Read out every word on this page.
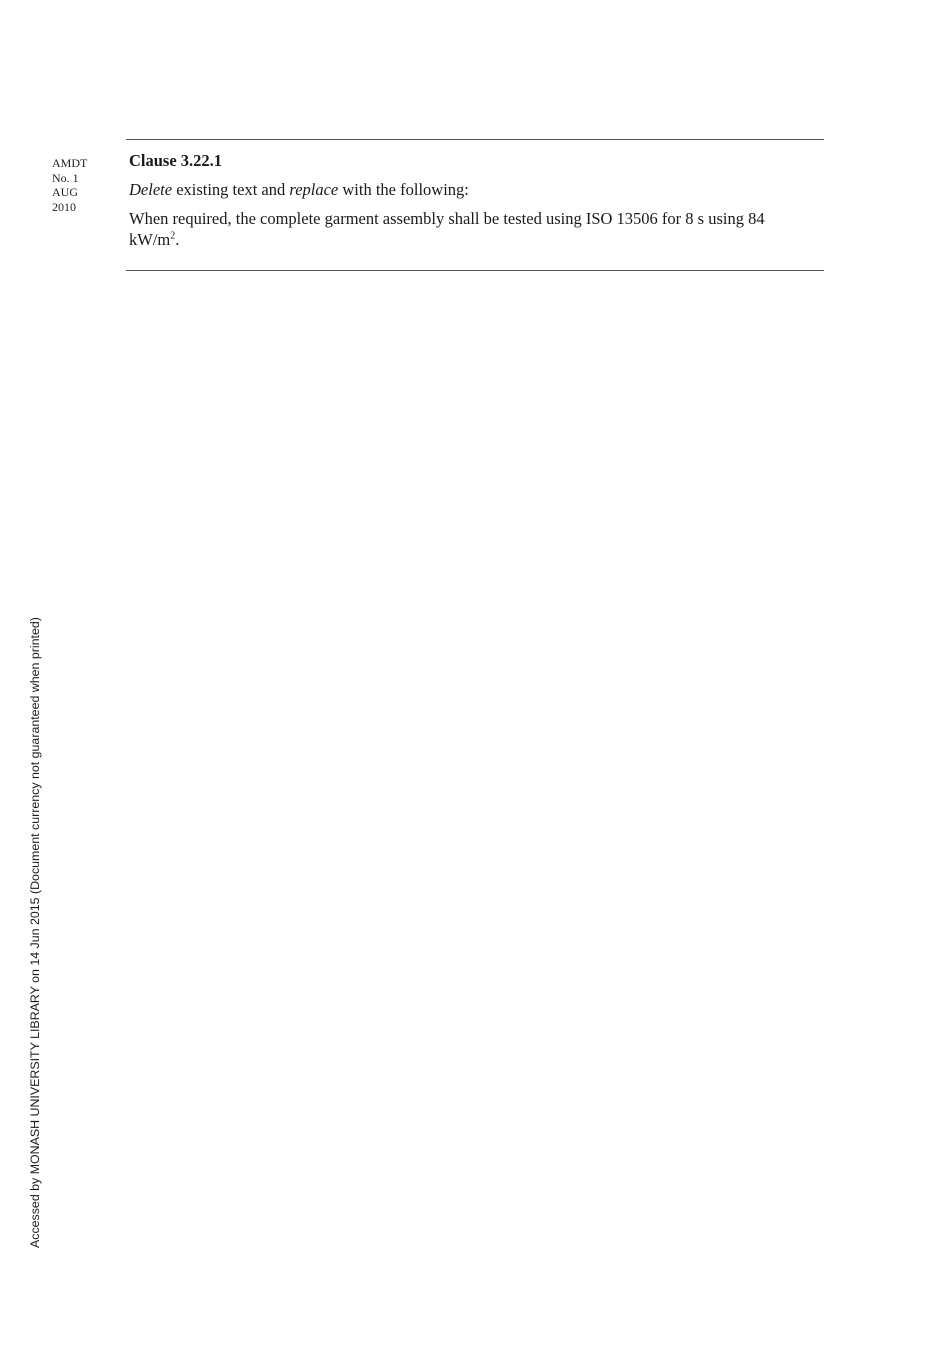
AMDT
No. 1
AUG
2010

Clause 3.22.1

Delete existing text and replace with the following:

When required, the complete garment assembly shall be tested using ISO 13506 for 8 s using 84 $kW/m^2$.

Accessed by MONASH UNIVERSITY LIBRARY on 14 Jun 2015 (Document currency not guaranteed when printed)
